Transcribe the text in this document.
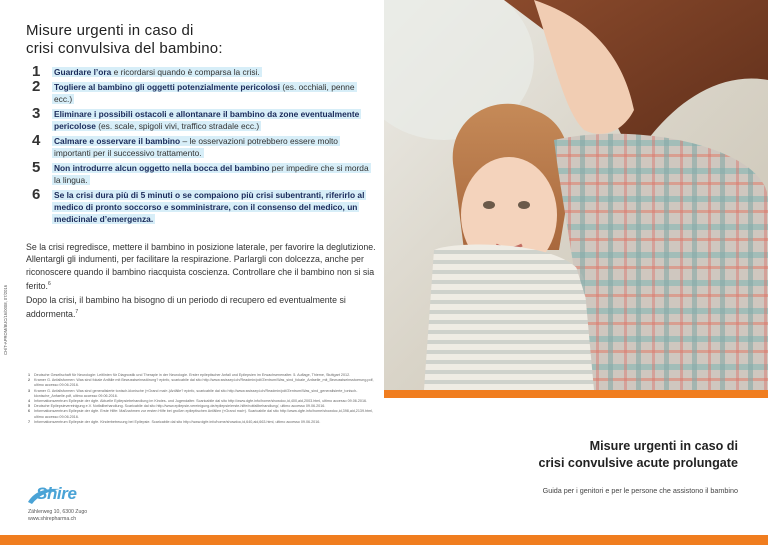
Misure urgenti in caso di
crisi convulsiva del bambino:
1 Guardare l’ora e ricordarsi quando è comparsa la crisi.
2 Togliere al bambino gli oggetti potenzialmente pericolosi (es. occhiali, penne ecc.)
3 Eliminare i possibili ostacoli e allontanare il bambino da zone eventualmente pericolose (es. scale, spigoli vivi, traffico stradale ecc.)
4 Calmare e osservare il bambino – le osservazioni potrebbero essere molto importanti per il successivo trattamento.
5 Non introdurre alcun oggetto nella bocca del bambino per impedire che si morda la lingua.
6 Se la crisi dura più di 5 minuti o se compaiono più crisi subentranti, riferirlo al medico di pronto soccorso e somministrare, con il consenso del medico, un medicinale d’emergenza.
Se la crisi regredisce, mettere il bambino in posizione laterale, per favorire la deglutizione. Allentargli gli indumenti, per facilitare la respirazione. Parlargli con dolcezza, anche per riconoscere quando il bambino riacquista coscienza. Controllare che il bambino non si sia ferito.$^6$
Dopo la crisi, il bambino ha bisogno di un periodo di recupero ed eventualmente si addormenta.$^7$
CH/T-APROM/BUC/16/0008, 07/2016
1 Deutsche Gesellschaft für Neurologie: Leitlinien für Diagnostik und Therapie in der Neurologie. Erster epileptischer Anfall und Epilepsien im Erwachsenenalter. 5. Auflage, Thieme, Stuttgart 2012.
2 Kramer G. Anfallsformen: Was sind fokale Anfälle mit Bewusstseinsstörung? epinfo, scaricabile dal sito http://www.swissepi.ch/Readmin/pdf/Zentrum/Was_sind_fokale_Anfaelle_mit_Bewusstseinsstoerung.pdf, ultimo accesso 09.06.2016.
3 Kramer G. Anfallsformen: Was sind generalisierte tonisch-klonische («Grand mal»-)Anfälle? epinfo, scaricabile dal sito http://www.swissepi.ch/Readmin/pdf/Zentrum/Was_sind_generalisierte_tonisch-klonische_Anfaelle.pdf, ultimo accesso 09.06.2016.
4 Informationszentrum Epilepsie der dgfe. Aktuelle Epilepsiebehandlung im Kindes- und Jugendalter. Scaricabile dal sito http://www.dgfe.info/home/showdoc,id,400,aid,2003.html, ultimo accesso 09.06.2016.
5 Deutsche Epilepsievereinigung e.V. Notfallbehandlung. Scaricabile dal sito http://www.epilepsie-vereinigung.de/epilepsie/erste-hilfe/notfallbehandlung/, ultimo accesso 09.06.2016.
6 Informationszentrum Epilepsie der dgfe. Erste Hilfe: Maßnahmen zur ersten Hilfe bei großen epileptischen Anfällen («Grand mal»). Scaricabile dal sito http://www.dgfe.info/home/showdoc,id,398,aid,2139.html, ultimo accesso 09.06.2016.
7 Informationszentrum Epilepsie der dgfe. Kinderbetreuung bei Epilepsie. Scaricabile dal sito http://www.dgfe.info/home/showdoc,id,640,aid,663.html, ultimo accesso 09.06.2016.
Shire
Zählerweg 10, 6300 Zugo
www.shirepharma.ch
Misure urgenti in caso di
crisi convulsive acute prolungate
Guida per i genitori e per le persone che assistono il bambino
